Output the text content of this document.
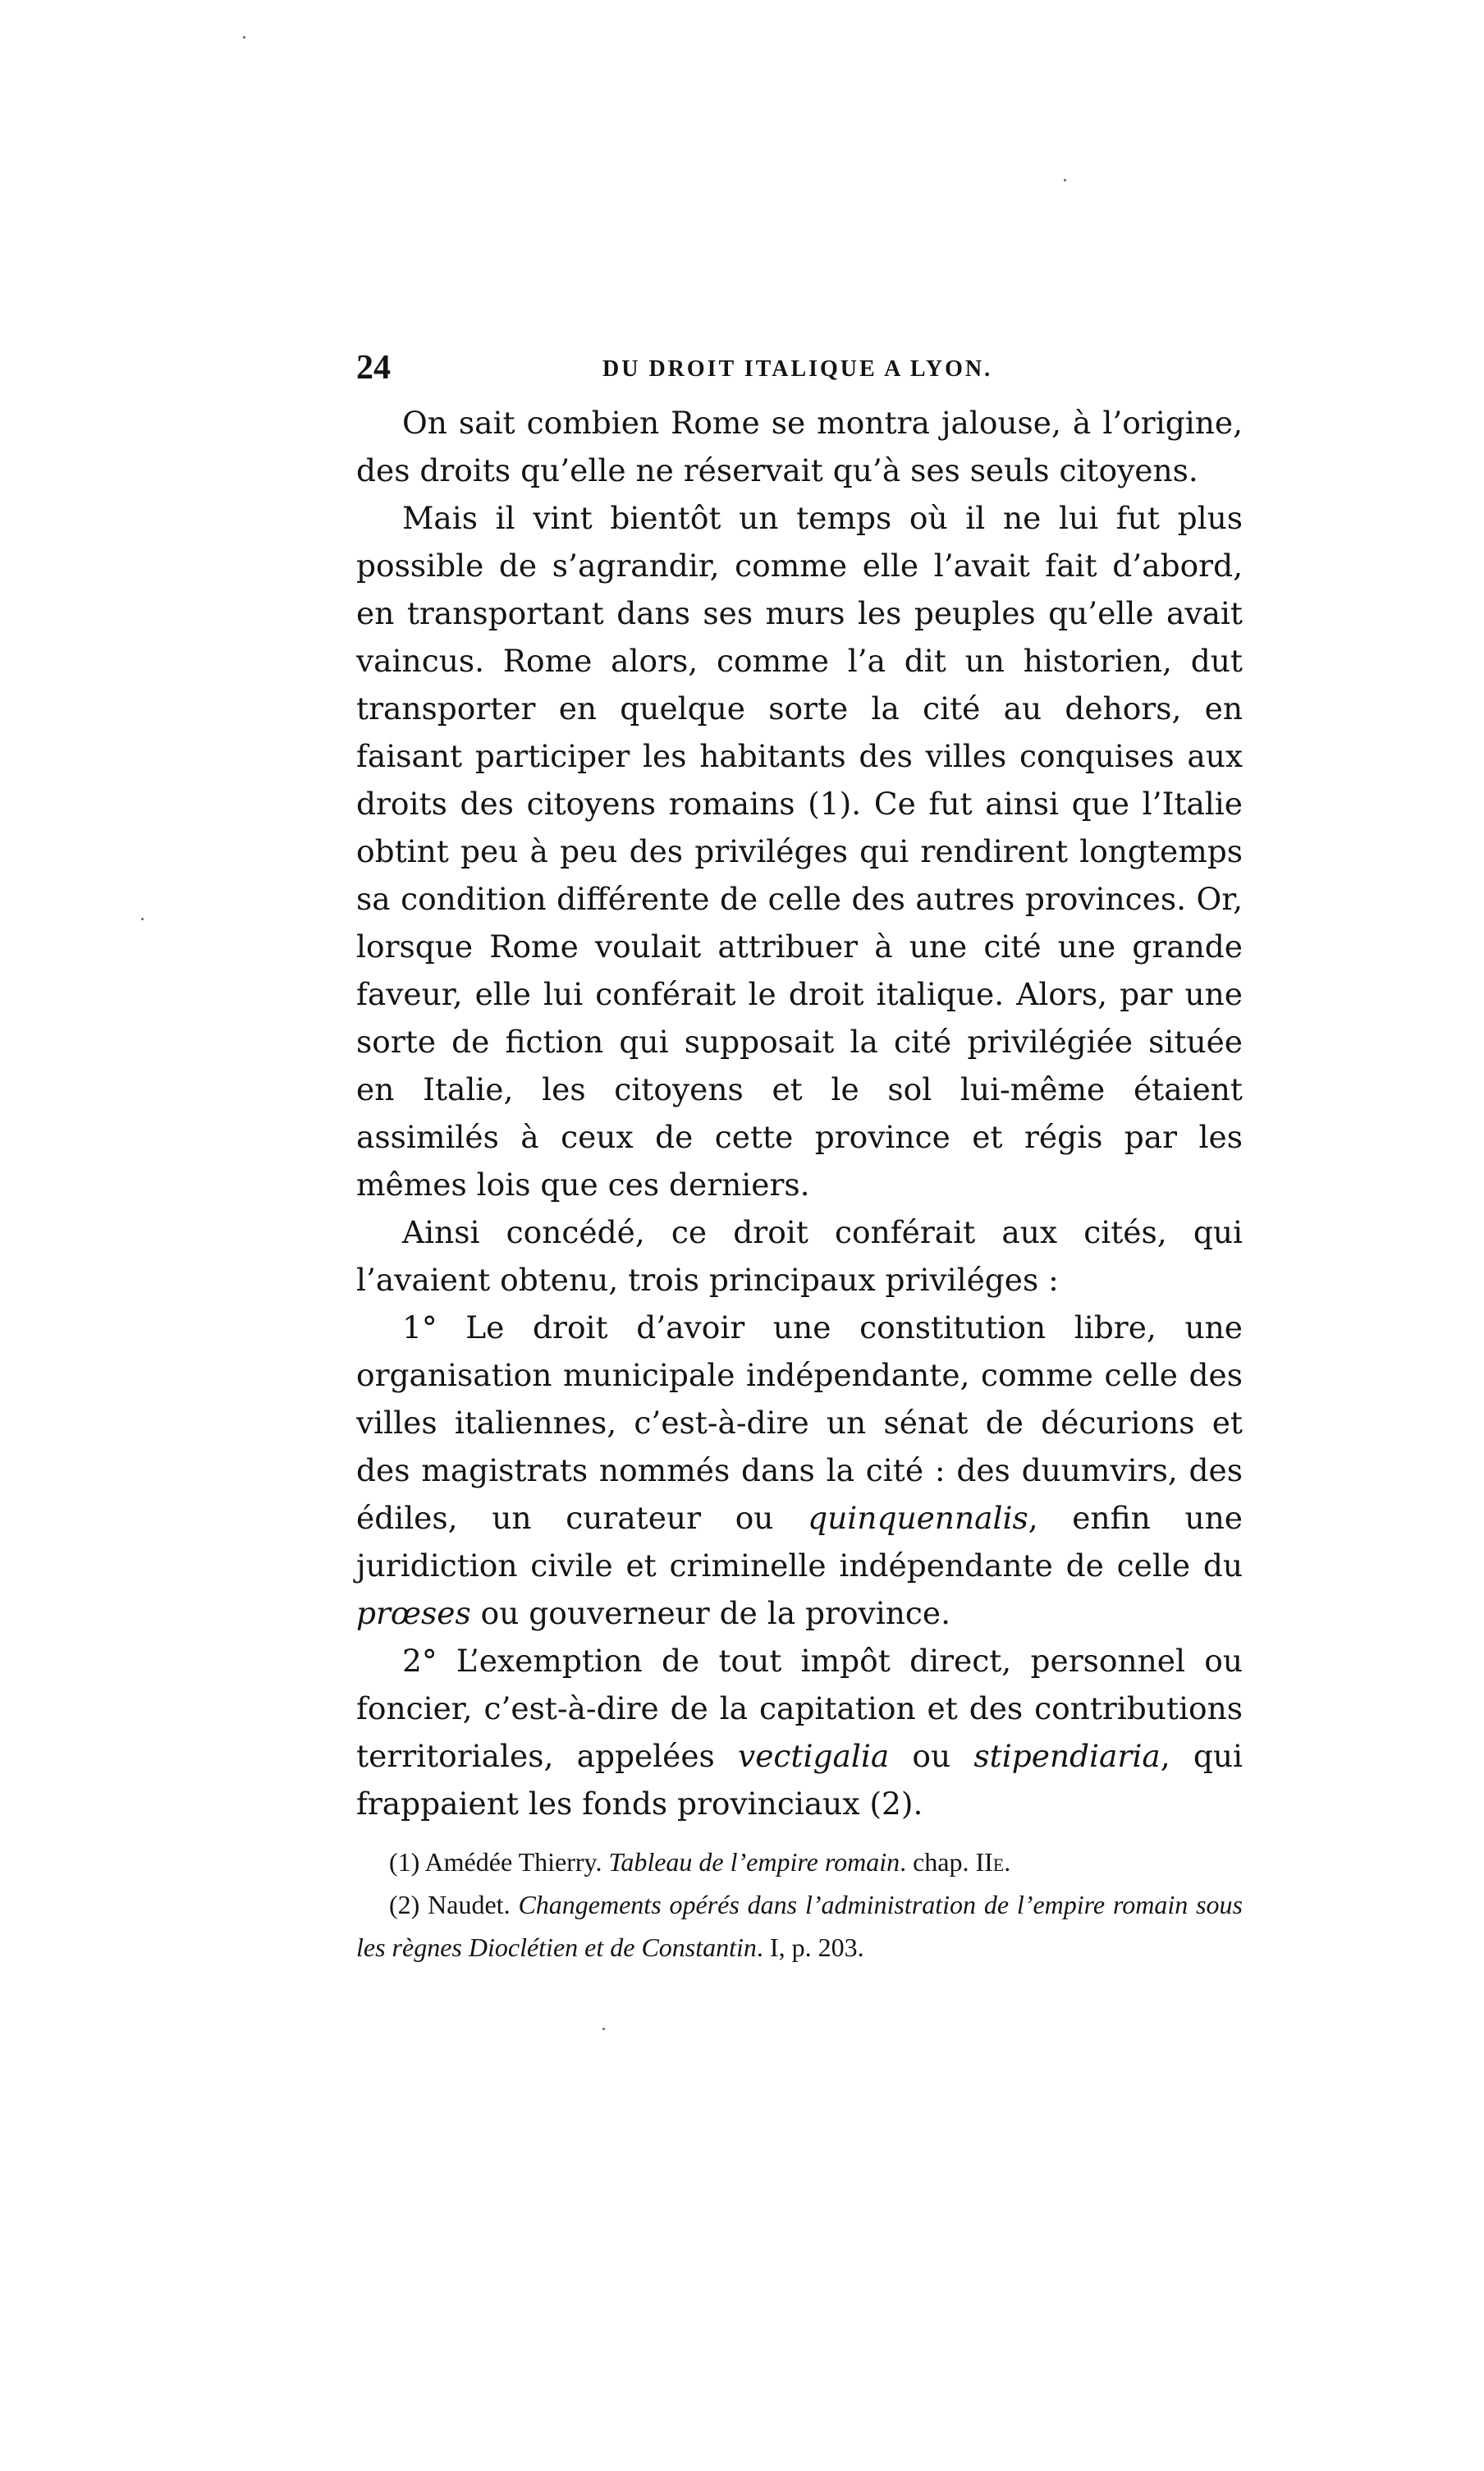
24	DU DROIT ITALIQUE A LYON.

On sait combien Rome se montra jalouse, à l’origine, des droits qu’elle ne réservait qu’à ses seuls citoyens.

Mais il vint bientôt un temps où il ne lui fut plus possible de s’agrandir, comme elle l’avait fait d’abord, en transportant dans ses murs les peuples qu’elle avait vaincus. Rome alors, comme l’a dit un historien, dut transporter en quelque sorte la cité au dehors, en faisant participer les habitants des villes conquises aux droits des citoyens romains (1). Ce fut ainsi que l’Italie obtint peu à peu des priviléges qui rendirent longtemps sa condition différente de celle des autres provinces. Or, lorsque Rome voulait attribuer à une cité une grande faveur, elle lui conférait le droit italique. Alors, par une sorte de fiction qui supposait la cité privilégiée située en Italie, les citoyens et le sol lui-même étaient assimilés à ceux de cette province et régis par les mêmes lois que ces derniers.

Ainsi concédé, ce droit conférait aux cités, qui l’avaient obtenu, trois principaux priviléges :

1° Le droit d’avoir une constitution libre, une organisation municipale indépendante, comme celle des villes italiennes, c’est-à-dire un sénat de décurions et des magistrats nommés dans la cité : des duumvirs, des édiles, un curateur ou quinquennalis, enfin une juridiction civile et criminelle indépendante de celle du prœses ou gouverneur de la province.

2° L’exemption de tout impôt direct, personnel ou foncier, c’est-à-dire de la capitation et des contributions territoriales, appelées vectigalia ou stipendiaria, qui frappaient les fonds provinciaux (2).

(1) Amédée Thierry. Tableau de l’empire romain. chap. IIe.

(2) Naudet. Changements opérés dans l’administration de l’empire romain sous les règnes Dioclétien et de Constantin. I, p. 203.
